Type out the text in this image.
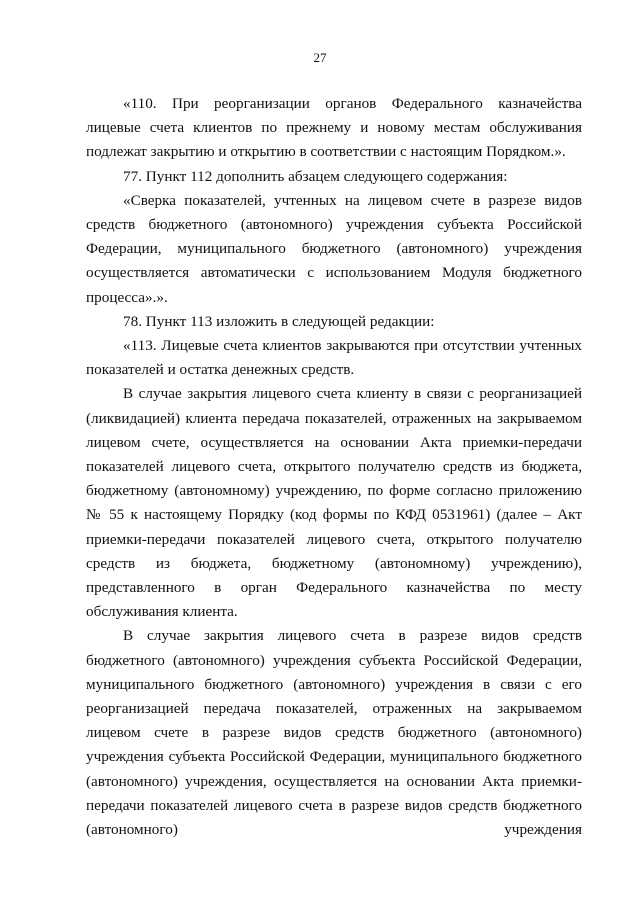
27

«110. При реорганизации органов Федерального казначейства лицевые счета клиентов по прежнему и новому местам обслуживания подлежат закрытию и открытию в соответствии с настоящим Порядком.».

77. Пункт 112 дополнить абзацем следующего содержания:

«Сверка показателей, учтенных на лицевом счете в разрезе видов средств бюджетного (автономного) учреждения субъекта Российской Федерации, муниципального бюджетного (автономного) учреждения осуществляется автоматически с использованием Модуля бюджетного процесса».».

78. Пункт 113 изложить в следующей редакции:

«113. Лицевые счета клиентов закрываются при отсутствии учтенных показателей и остатка денежных средств.

В случае закрытия лицевого счета клиенту в связи с реорганизацией (ликвидацией) клиента передача показателей, отраженных на закрываемом лицевом счете, осуществляется на основании Акта приемки-передачи показателей лицевого счета, открытого получателю средств из бюджета, бюджетному (автономному) учреждению, по форме согласно приложению № 55 к настоящему Порядку (код формы по КФД 0531961) (далее – Акт приемки-передачи показателей лицевого счета, открытого получателю средств из бюджета, бюджетному (автономному) учреждению), представленного в орган Федерального казначейства по месту обслуживания клиента.

В случае закрытия лицевого счета в разрезе видов средств бюджетного (автономного) учреждения субъекта Российской Федерации, муниципального бюджетного (автономного) учреждения в связи с его реорганизацией передача показателей, отраженных на закрываемом лицевом счете в разрезе видов средств бюджетного (автономного) учреждения субъекта Российской Федерации, муниципального бюджетного (автономного) учреждения, осуществляется на основании Акта приемки-передачи показателей лицевого счета в разрезе видов средств бюджетного (автономного) учреждения
